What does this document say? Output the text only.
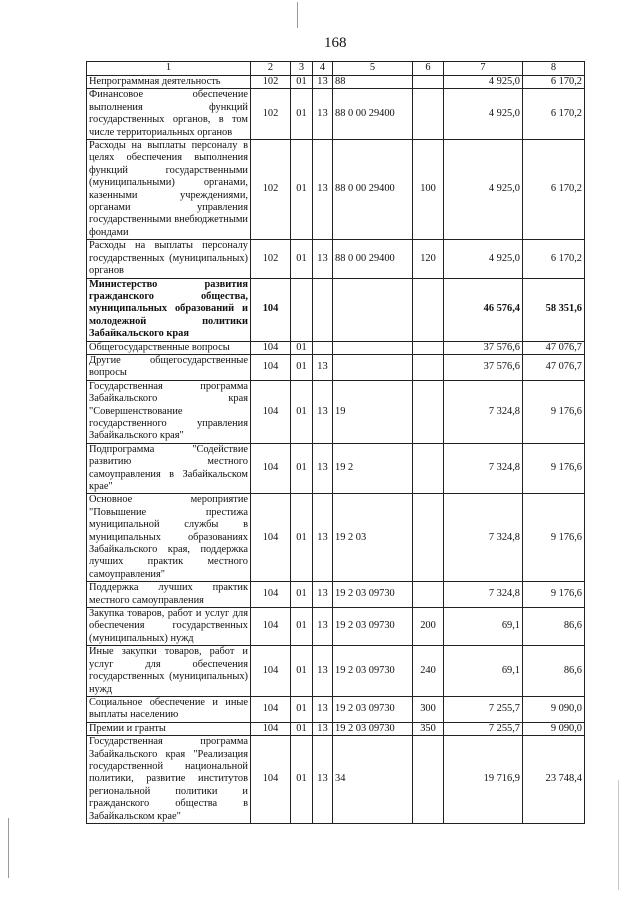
168
1	2	3	4	5	6	7	8
Непрограммная деятельность	102	01	13	88		4 925,0	6 170,2
Финансовое обеспечение выполнения функций государственных органов, в том числе территориальных органов	102	01	13	88 0 00 29400		4 925,0	6 170,2
Расходы на выплаты персоналу в целях обеспечения выполнения функций государственными (муниципальными) органами, казенными учреждениями, органами управления государственными внебюджетными фондами	102	01	13	88 0 00 29400	100	4 925,0	6 170,2
Расходы на выплаты персоналу государственных (муниципальных) органов	102	01	13	88 0 00 29400	120	4 925,0	6 170,2
Министерство развития гражданского общества, муниципальных образований и молодежной политики Забайкальского края	104					46 576,4	58 351,6
Общегосударственные вопросы	104	01				37 576,6	47 076,7
Другие общегосударственные вопросы	104	01	13			37 576,6	47 076,7
Государственная программа Забайкальского края "Совершенствование государственного управления Забайкальского края"	104	01	13	19		7 324,8	9 176,6
Подпрограмма "Содействие развитию местного самоуправления в Забайкальском крае"	104	01	13	19 2		7 324,8	9 176,6
Основное мероприятие "Повышение престижа муниципальной службы в муниципальных образованиях Забайкальского края, поддержка лучших практик местного самоуправления"	104	01	13	19 2 03		7 324,8	9 176,6
Поддержка лучших практик местного самоуправления	104	01	13	19 2 03 09730		7 324,8	9 176,6
Закупка товаров, работ и услуг для обеспечения государственных (муниципальных) нужд	104	01	13	19 2 03 09730	200	69,1	86,6
Иные закупки товаров, работ и услуг для обеспечения государственных (муниципальных) нужд	104	01	13	19 2 03 09730	240	69,1	86,6
Социальное обеспечение и иные выплаты населению	104	01	13	19 2 03 09730	300	7 255,7	9 090,0
Премии и гранты	104	01	13	19 2 03 09730	350	7 255,7	9 090,0
Государственная программа Забайкальского края "Реализация государственной национальной политики, развитие институтов региональной политики и гражданского общества в Забайкальском крае"	104	01	13	34		19 716,9	23 748,4
